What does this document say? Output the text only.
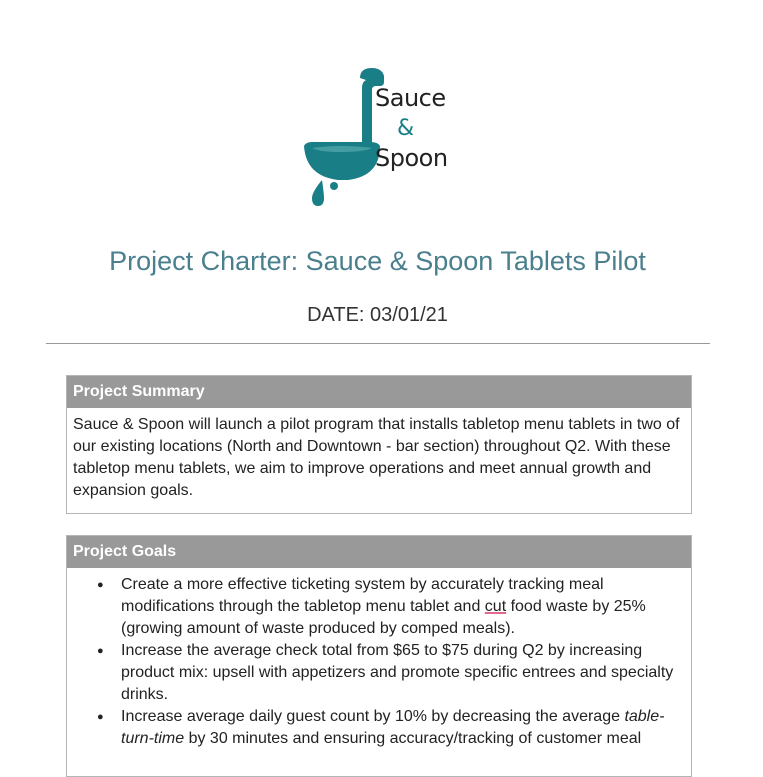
Sauce
&
Spoon
Project Charter: Sauce & Spoon Tablets Pilot
DATE: 03/01/21
Project Summary
Sauce & Spoon will launch a pilot program that installs tabletop menu tablets in two of our existing locations (North and Downtown - bar section) throughout Q2. With these tabletop menu tablets, we aim to improve operations and meet annual growth and expansion goals.
Project Goals
● Create a more effective ticketing system by accurately tracking meal modifications through the tabletop menu tablet and cut food waste by 25% (growing amount of waste produced by comped meals).
● Increase the average check total from $65 to $75 during Q2 by increasing product mix: upsell with appetizers and promote specific entrees and specialty drinks.
● Increase average daily guest count by 10% by decreasing the average table-turn-time by 30 minutes and ensuring accuracy/tracking of customer meal
